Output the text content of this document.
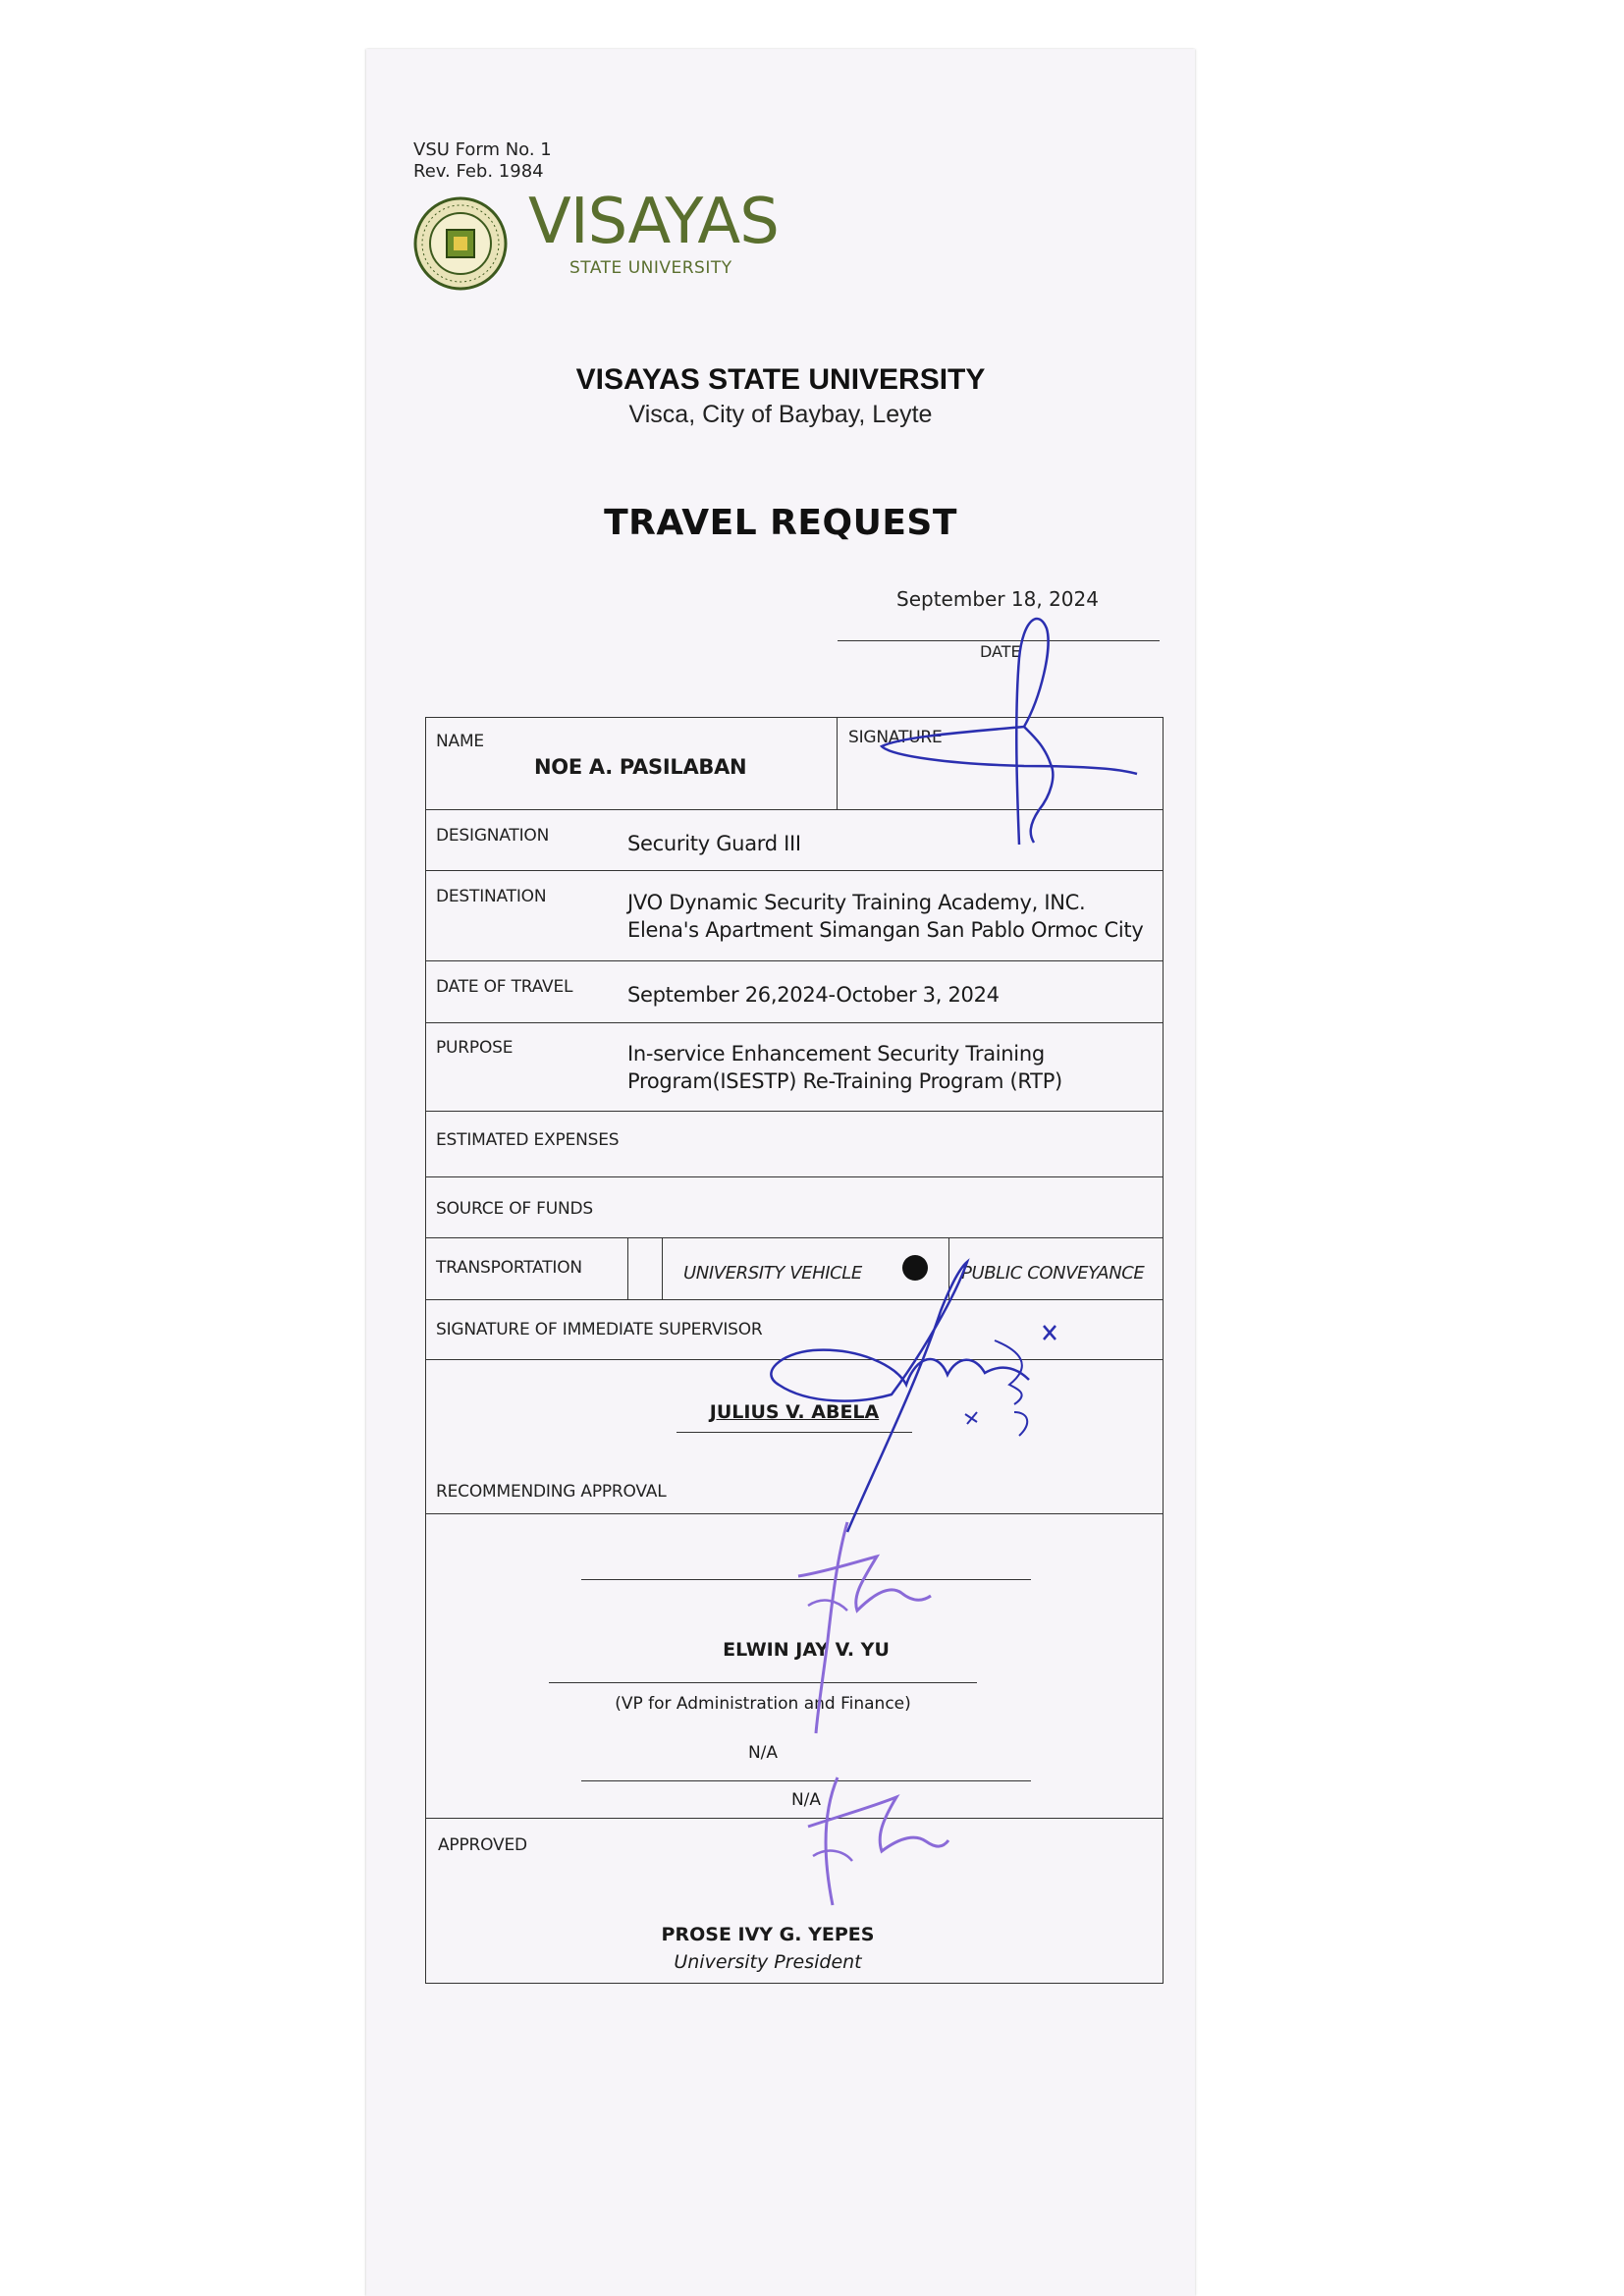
VSU Form No. 1
Rev. Feb. 1984
VISAYAS
STATE UNIVERSITY
VISAYAS STATE UNIVERSITY
Visca, City of Baybay, Leyte
TRAVEL REQUEST
September 18, 2024
DATE
NAME
NOE A. PASILABAN
SIGNATURE
DESIGNATION	Security Guard III
DESTINATION	JVO Dynamic Security Training Academy, INC.
Elena's Apartment Simangan San Pablo Ormoc City
DATE OF TRAVEL	September 26,2024-October 3, 2024
PURPOSE	In-service Enhancement Security Training
Program(ISESTP) Re-Training Program (RTP)
ESTIMATED EXPENSES
SOURCE OF FUNDS
TRANSPORTATION	UNIVERSITY VEHICLE	PUBLIC CONVEYANCE
SIGNATURE OF IMMEDIATE SUPERVISOR
JULIUS V. ABELA
RECOMMENDING APPROVAL
ELWIN JAY V. YU
(VP for Administration and Finance)
N/A
N/A
APPROVED
PROSE IVY G. YEPES
University President
